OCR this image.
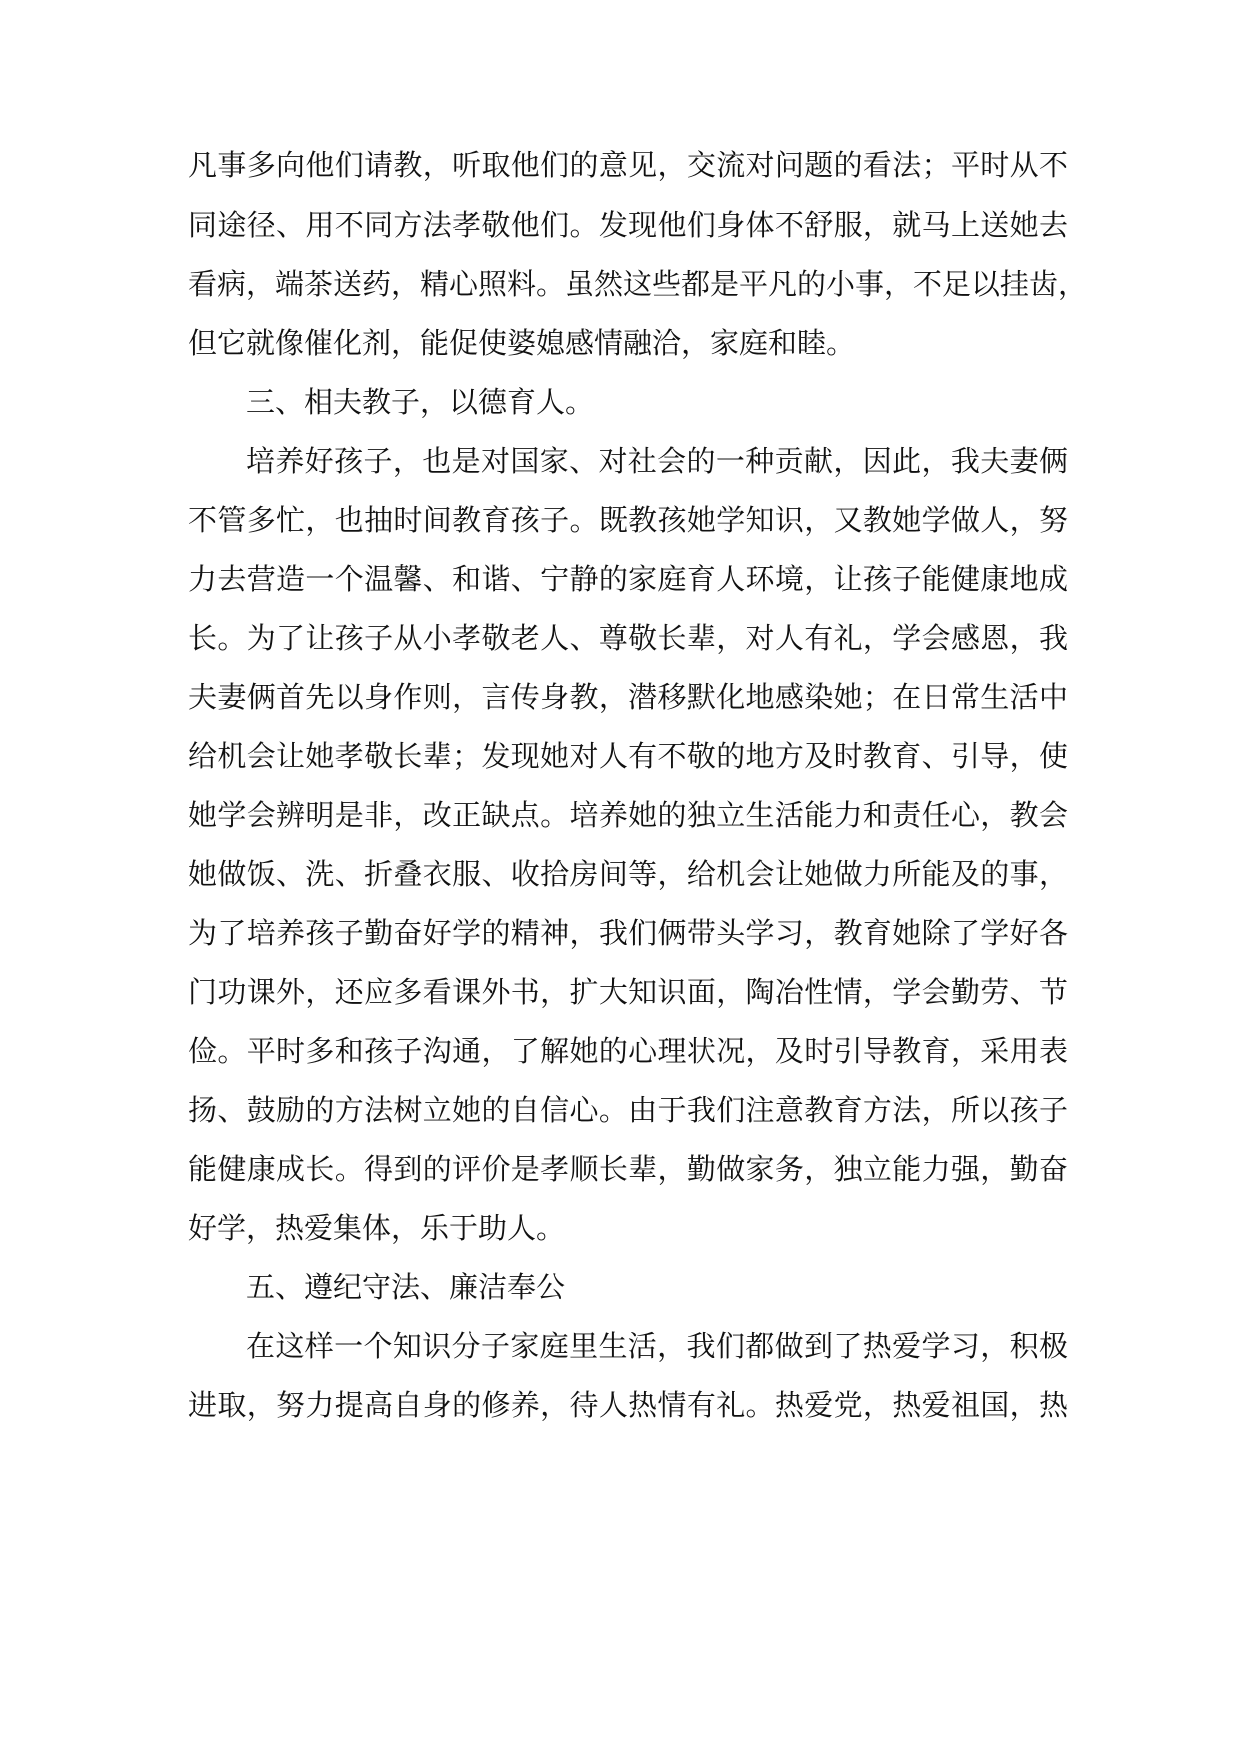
凡事多向他们请教，听取他们的意见，交流对问题的看法；平时从不
同途径、用不同方法孝敬他们。发现他们身体不舒服，就马上送她去
看病，端茶送药，精心照料。虽然这些都是平凡的小事，不足以挂齿，
但它就像催化剂，能促使婆媳感情融洽，家庭和睦。
三、相夫教子，以德育人。
培养好孩子，也是对国家、对社会的一种贡献，因此，我夫妻俩
不管多忙，也抽时间教育孩子。既教孩她学知识，又教她学做人，努
力去营造一个温馨、和谐、宁静的家庭育人环境，让孩子能健康地成
长。为了让孩子从小孝敬老人、尊敬长辈，对人有礼，学会感恩，我
夫妻俩首先以身作则，言传身教，潜移默化地感染她；在日常生活中
给机会让她孝敬长辈；发现她对人有不敬的地方及时教育、引导，使
她学会辨明是非，改正缺点。培养她的独立生活能力和责任心，教会
她做饭、洗、折叠衣服、收拾房间等，给机会让她做力所能及的事，
为了培养孩子勤奋好学的精神，我们俩带头学习，教育她除了学好各
门功课外，还应多看课外书，扩大知识面，陶冶性情，学会勤劳、节
俭。平时多和孩子沟通，了解她的心理状况，及时引导教育，采用表
扬、鼓励的方法树立她的自信心。由于我们注意教育方法，所以孩子
能健康成长。得到的评价是孝顺长辈，勤做家务，独立能力强，勤奋
好学，热爱集体，乐于助人。
五、遵纪守法、廉洁奉公
在这样一个知识分子家庭里生活，我们都做到了热爱学习，积极
进取，努力提高自身的修养，待人热情有礼。热爱党，热爱祖国，热
